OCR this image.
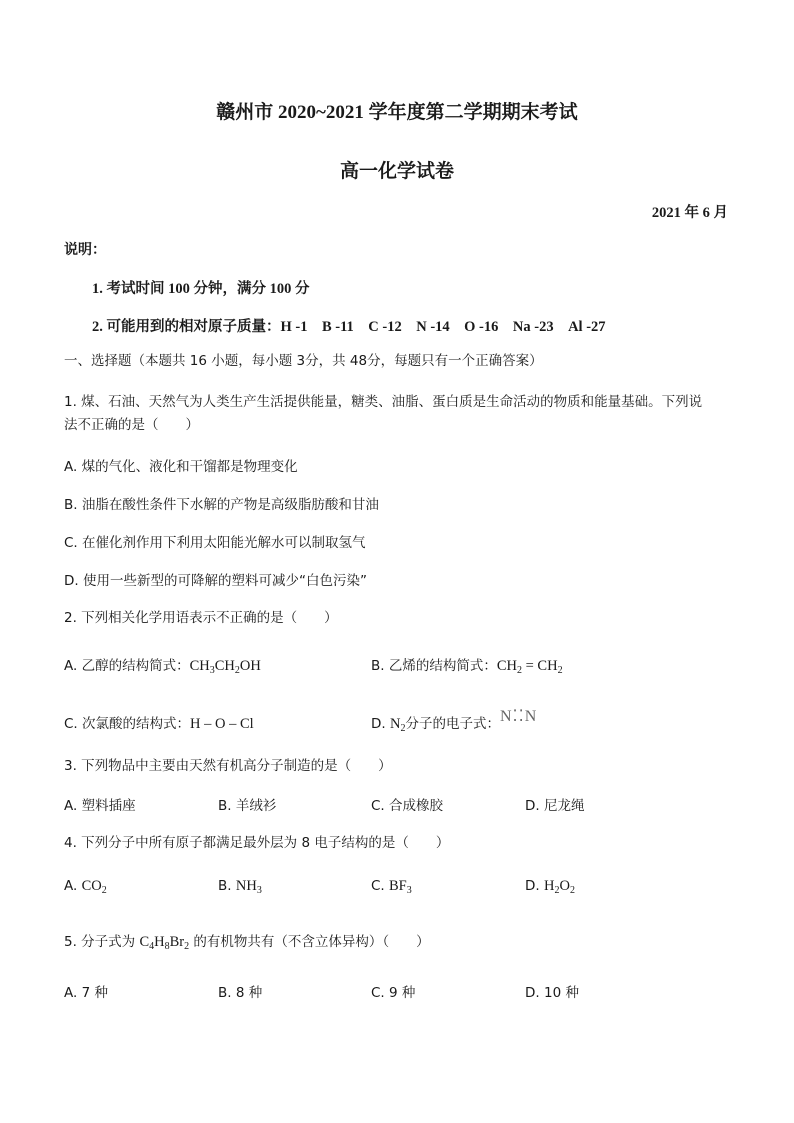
赣州市 2020~2021 学年度第二学期期末考试
高一化学试卷
2021 年 6 月
说明：
1. 考试时间 100 分钟，满分 100 分
2. 可能用到的相对原子质量：H -1　B -11　C -12　N -14　O -16　Na -23　Al -27
一、选择题（本题共 16 小题，每小题 3分，共 48分，每题只有一个正确答案）
1. 煤、石油、天然气为人类生产生活提供能量，糖类、油脂、蛋白质是生命活动的物质和能量基础。下列说
法不正确的是（　　）
A. 煤的气化、液化和干馏都是物理变化
B. 油脂在酸性条件下水解的产物是高级脂肪酸和甘油
C. 在催化剂作用下利用太阳能光解水可以制取氢气
D. 使用一些新型的可降解的塑料可减少“白色污染”
2. 下列相关化学用语表示不正确的是（　　）
A. 乙醇的结构简式：$CH_3CH_2OH$	B. 乙烯的结构简式：$CH_2 = CH_2$
C. 次氯酸的结构式：H – O – Cl	D. $N_2$分子的电子式：N⁚⁚N
3. 下列物品中主要由天然有机高分子制造的是（　　）
A. 塑料插座	B. 羊绒衫	C. 合成橡胶	D. 尼龙绳
4. 下列分子中所有原子都满足最外层为 8 电子结构的是（　　）
A. $CO_2$	B. $NH_3$	C. $BF_3$	D. $H_2O_2$
5. 分子式为 $C_4H_8Br_2$ 的有机物共有（不含立体异构）（　　）
A. 7 种	B. 8 种	C. 9 种	D. 10 种
